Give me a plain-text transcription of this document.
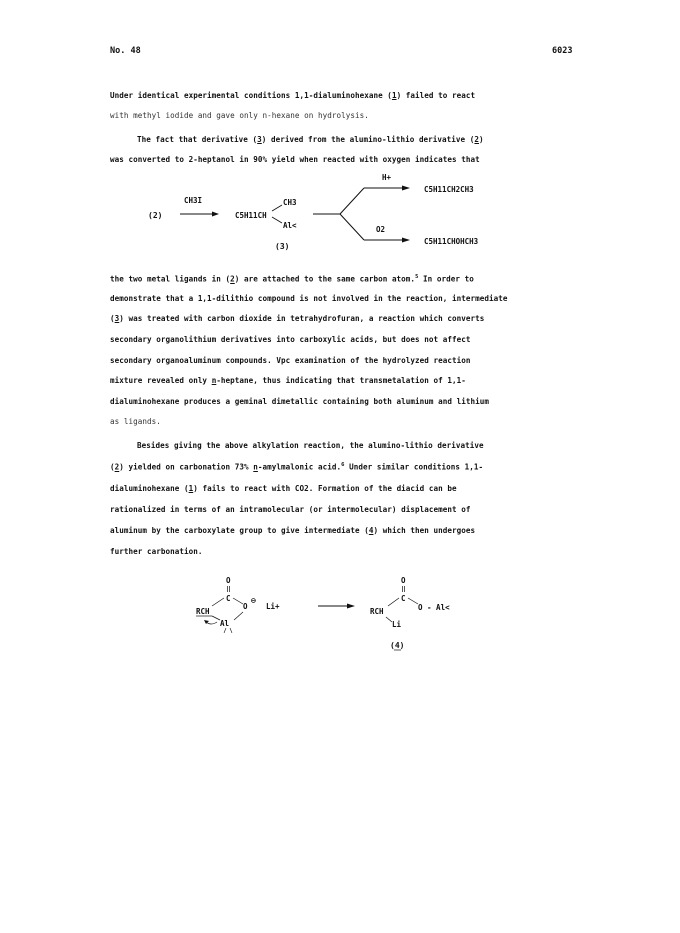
No. 48	6023
Under identical experimental conditions 1,1-dialuminohexane (1) failed to react
with methyl iodide and gave only n-hexane on hydrolysis.
The fact that derivative (3) derived from the alumino-lithio derivative (2)
was converted to 2-heptanol in 90% yield when reacted with oxygen indicates that
(2)
CH3I
C5H11CH
CH3
Al<
(3)
H+
O2
C5H11CH2CH3
C5H11CHOHCH3
the two metal ligands in (2) are attached to the same carbon atom.$^5$ In order to
demonstrate that a 1,1-dilithio compound is not involved in the reaction, intermediate
(3) was treated with carbon dioxide in tetrahydrofuran, a reaction which converts
secondary organolithium derivatives into carboxylic acids, but does not affect
secondary organoaluminum compounds. Vpc examination of the hydrolyzed reaction
mixture revealed only n-heptane, thus indicating that transmetalation of 1,1-
dialuminohexane produces a geminal dimetallic containing both aluminum and lithium
as ligands.
Besides giving the above alkylation reaction, the alumino-lithio derivative
(2) yielded on carbonation 73% n-amylmalonic acid.$^6$ Under similar conditions 1,1-
dialuminohexane (1) fails to react with CO2. Formation of the diacid can be
rationalized in terms of an intramolecular (or intermolecular) displacement of
aluminum by the carboxylate group to give intermediate (4) which then undergoes
further carbonation.
O
C
O
⊖
RCH
Al
Li+
O
C
RCH	O - Al<
Li
(4)
